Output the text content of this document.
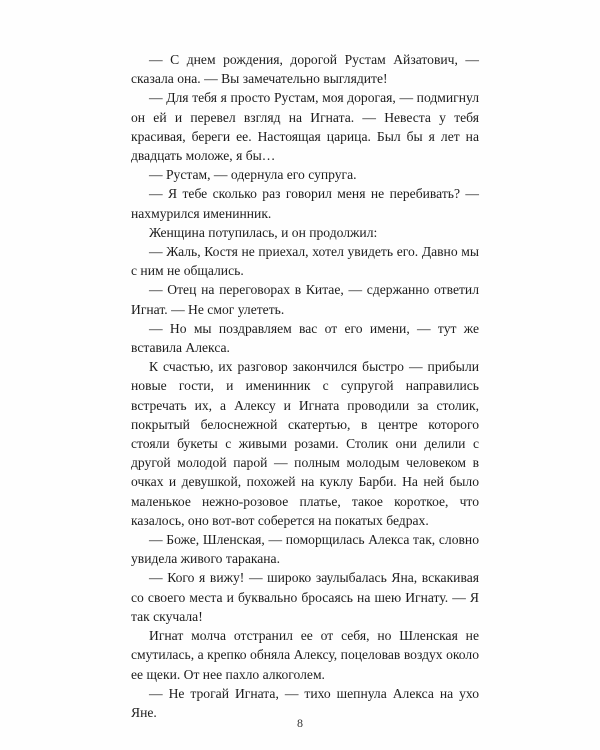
— С днем рождения, дорогой Рустам Айзатович, — сказала она. — Вы замечательно выглядите!

— Для тебя я просто Рустам, моя дорогая, — подмигнул он ей и перевел взгляд на Игната. — Невеста у тебя красивая, береги ее. Настоящая царица. Был бы я лет на двадцать моложе, я бы…

— Рустам, — одернула его супруга.

— Я тебе сколько раз говорил меня не перебивать? — нахмурился именинник.

Женщина потупилась, и он продолжил:

— Жаль, Костя не приехал, хотел увидеть его. Давно мы с ним не общались.

— Отец на переговорах в Китае, — сдержанно ответил Игнат. — Не смог улететь.

— Но мы поздравляем вас от его имени, — тут же вставила Алекса.

К счастью, их разговор закончился быстро — прибыли новые гости, и именинник с супругой направились встречать их, а Алексу и Игната проводили за столик, покрытый белоснежной скатертью, в центре которого стояли букеты с живыми розами. Столик они делили с другой молодой парой — полным молодым человеком в очках и девушкой, похожей на куклу Барби. На ней было маленькое нежно-розовое платье, такое короткое, что казалось, оно вот-вот соберется на покатых бедрах.

— Боже, Шленская, — поморщилась Алекса так, словно увидела живого таракана.

— Кого я вижу! — широко заулыбалась Яна, вскакивая со своего места и буквально бросаясь на шею Игнату. — Я так скучала!

Игнат молча отстранил ее от себя, но Шленская не смутилась, а крепко обняла Алексу, поцеловав воздух около ее щеки. От нее пахло алкоголем.

— Не трогай Игната, — тихо шепнула Алекса на ухо Яне.

8
